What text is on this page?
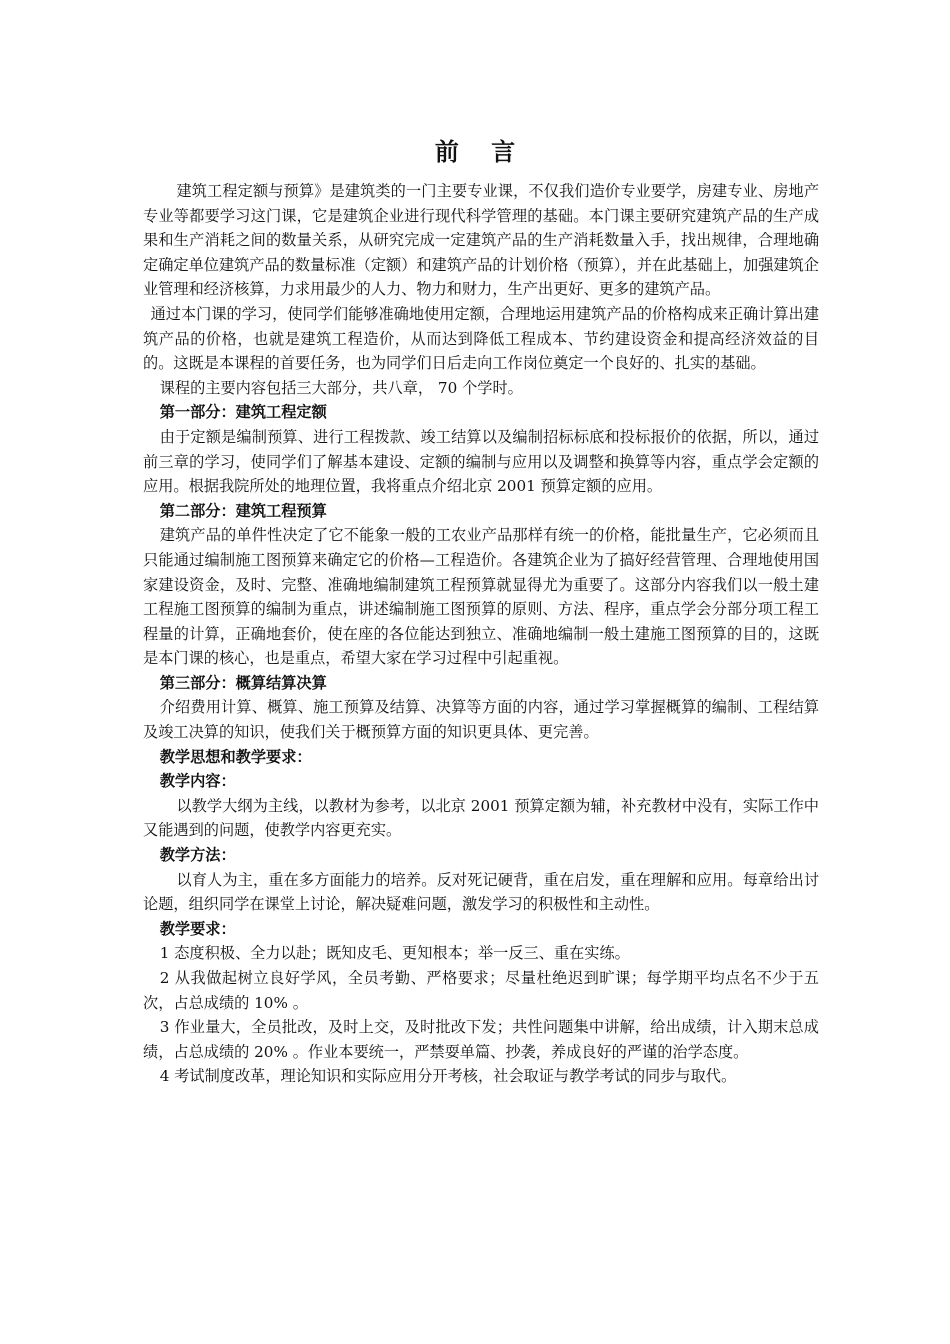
前 言

建筑工程定额与预算》是建筑类的一门主要专业课，不仅我们造价专业要学，房建专业、房地产专业等都要学习这门课，它是建筑企业进行现代科学管理的基础。本门课主要研究建筑产品的生产成果和生产消耗之间的数量关系，从研究完成一定建筑产品的生产消耗数量入手，找出规律，合理地确定确定单位建筑产品的数量标准（定额）和建筑产品的计划价格（预算），并在此基础上，加强建筑企业管理和经济核算，力求用最少的人力、物力和财力，生产出更好、更多的建筑产品。

通过本门课的学习，使同学们能够准确地使用定额，合理地运用建筑产品的价格构成来正确计算出建筑产品的价格，也就是建筑工程造价，从而达到降低工程成本、节约建设资金和提高经济效益的目的。这既是本课程的首要任务，也为同学们日后走向工作岗位奠定一个良好的、扎实的基础。

课程的主要内容包括三大部分，共八章， 70 个学时。

第一部分：建筑工程定额

由于定额是编制预算、进行工程拨款、竣工结算以及编制招标标底和投标报价的依据，所以，通过前三章的学习，使同学们了解基本建设、定额的编制与应用以及调整和换算等内容，重点学会定额的应用。根据我院所处的地理位置，我将重点介绍北京 2001 预算定额的应用。

第二部分：建筑工程预算

建筑产品的单件性决定了它不能象一般的工农业产品那样有统一的价格，能批量生产，它必须而且只能通过编制施工图预算来确定它的价格—工程造价。各建筑企业为了搞好经营管理、合理地使用国家建设资金，及时、完整、准确地编制建筑工程预算就显得尤为重要了。这部分内容我们以一般土建工程施工图预算的编制为重点，讲述编制施工图预算的原则、方法、程序，重点学会分部分项工程工程量的计算，正确地套价，使在座的各位能达到独立、准确地编制一般土建施工图预算的目的，这既是本门课的核心，也是重点，希望大家在学习过程中引起重视。

第三部分：概算结算决算

介绍费用计算、概算、施工预算及结算、决算等方面的内容，通过学习掌握概算的编制、工程结算及竣工决算的知识，使我们关于概预算方面的知识更具体、更完善。

教学思想和教学要求：

教学内容：

以教学大纲为主线，以教材为参考，以北京 2001 预算定额为辅，补充教材中没有，实际工作中又能遇到的问题，使教学内容更充实。

教学方法：

以育人为主，重在多方面能力的培养。反对死记硬背，重在启发，重在理解和应用。每章给出讨论题，组织同学在课堂上讨论，解决疑难问题，激发学习的积极性和主动性。

教学要求：

1 态度积极、全力以赴；既知皮毛、更知根本；举一反三、重在实练。

2 从我做起树立良好学风，全员考勤、严格要求；尽量杜绝迟到旷课；每学期平均点名不少于五次，占总成绩的 10% 。

3 作业量大，全员批改，及时上交，及时批改下发；共性问题集中讲解，给出成绩，计入期末总成绩，占总成绩的 20% 。作业本要统一，严禁耍单篇、抄袭，养成良好的严谨的治学态度。

4 考试制度改革，理论知识和实际应用分开考核，社会取证与教学考试的同步与取代。
